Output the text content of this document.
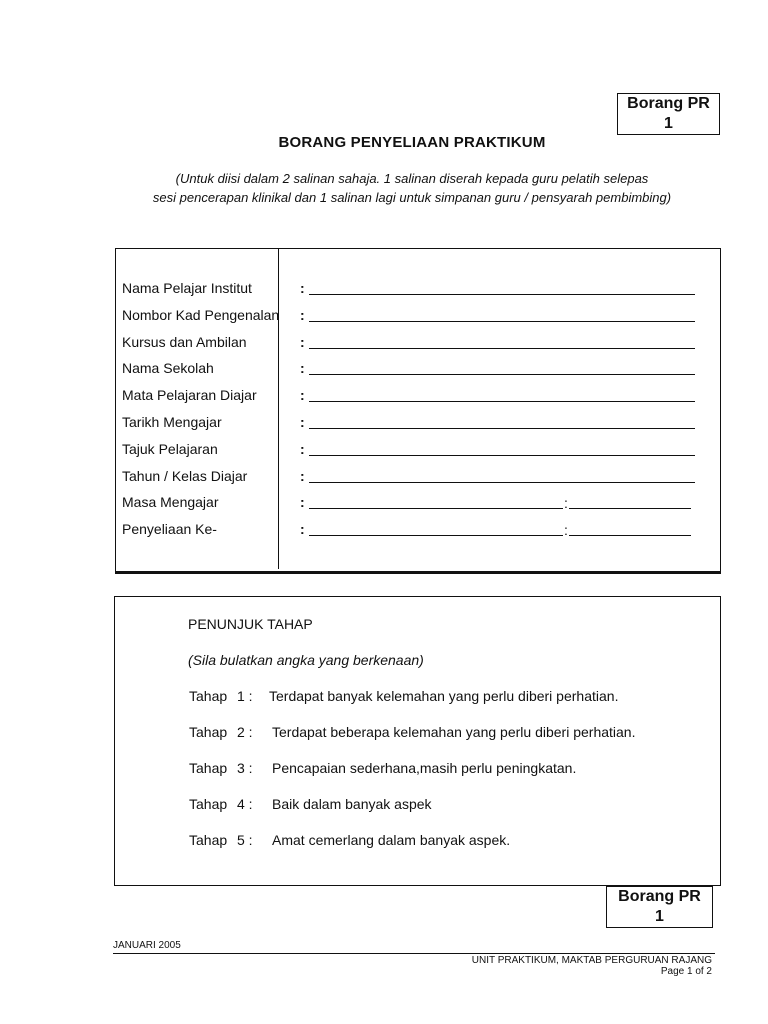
Borang PR 1
BORANG PENYELIAAN PRAKTIKUM
(Untuk diisi dalam 2 salinan sahaja. 1 salinan diserah kepada guru pelatih selepas
sesi pencerapan klinikal dan 1 salinan lagi untuk simpanan guru / pensyarah pembimbing)
Nama Pelajar Institut	:
Nombor Kad Pengenalan :
Kursus dan Ambilan	:
Nama Sekolah	:
Mata Pelajaran Diajar	:
Tarikh Mengajar	:
Tajuk Pelajaran	:
Tahun / Kelas Diajar	:
Masa Mengajar	:	:
Penyeliaan Ke-	:	:
PENUNJUK TAHAP
(Sila bulatkan angka yang berkenaan)
Tahap 1 : Terdapat banyak kelemahan yang perlu diberi perhatian.
Tahap 2 : Terdapat beberapa kelemahan yang perlu diberi perhatian.
Tahap 3 : Pencapaian sederhana,masih perlu peningkatan.
Tahap 4 : Baik dalam banyak aspek
Tahap 5 : Amat cemerlang dalam banyak aspek.
Borang PR 1
JANUARI 2005
UNIT PRAKTIKUM, MAKTAB PERGURUAN RAJANG
Page 1 of 2
